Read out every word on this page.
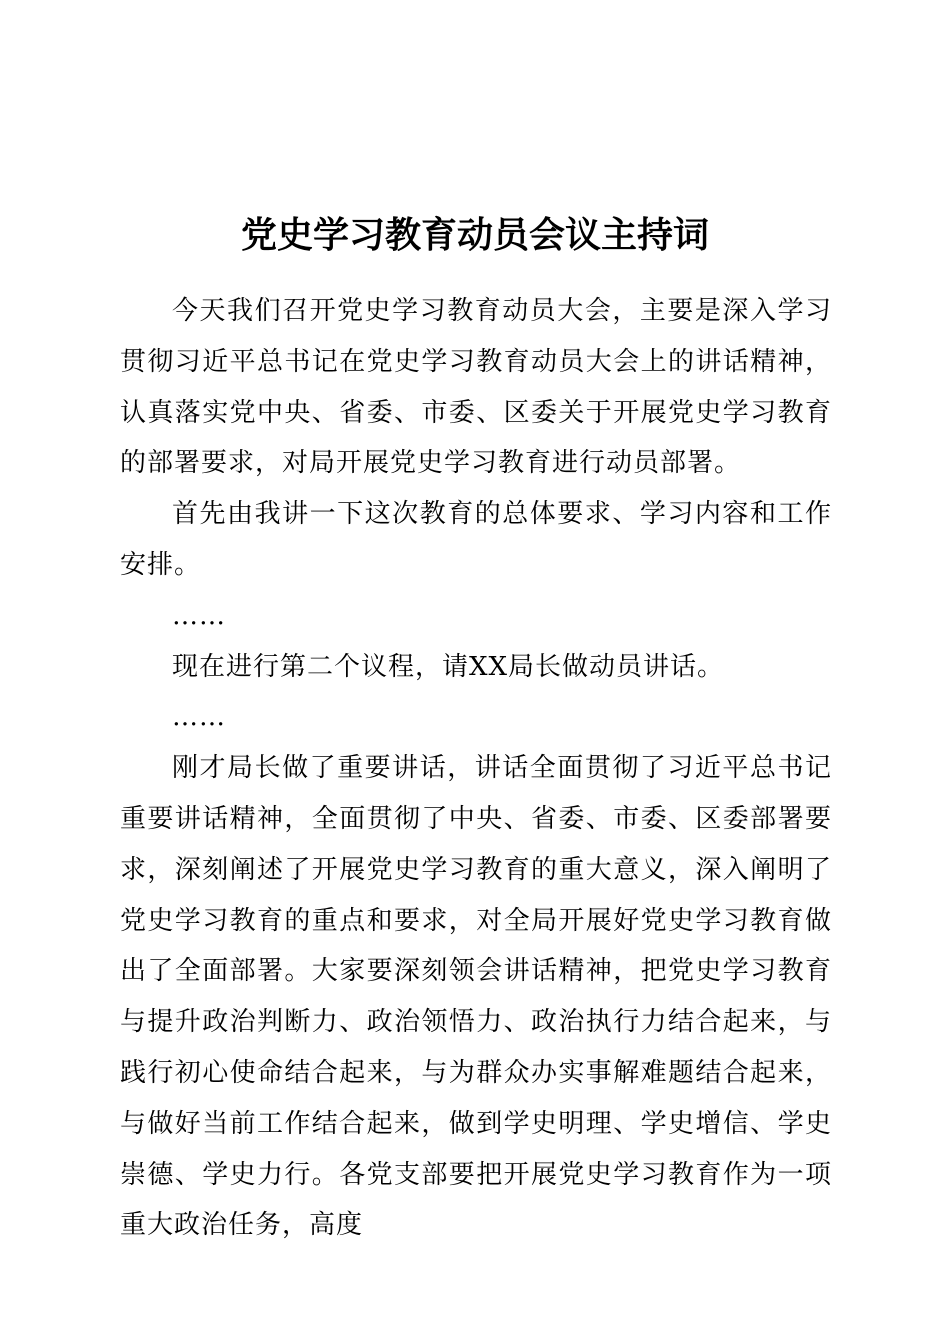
党史学习教育动员会议主持词

今天我们召开党史学习教育动员大会，主要是深入学习贯彻习近平总书记在党史学习教育动员大会上的讲话精神，认真落实党中央、省委、市委、区委关于开展党史学习教育的部署要求，对局开展党史学习教育进行动员部署。

首先由我讲一下这次教育的总体要求、学习内容和工作安排。

……

现在进行第二个议程，请XX局长做动员讲话。

……

刚才局长做了重要讲话，讲话全面贯彻了习近平总书记重要讲话精神，全面贯彻了中央、省委、市委、区委部署要求，深刻阐述了开展党史学习教育的重大意义，深入阐明了党史学习教育的重点和要求，对全局开展好党史学习教育做出了全面部署。大家要深刻领会讲话精神，把党史学习教育与提升政治判断力、政治领悟力、政治执行力结合起来，与践行初心使命结合起来，与为群众办实事解难题结合起来，与做好当前工作结合起来，做到学史明理、学史增信、学史崇德、学史力行。各党支部要把开展党史学习教育作为一项重大政治任务，高度
